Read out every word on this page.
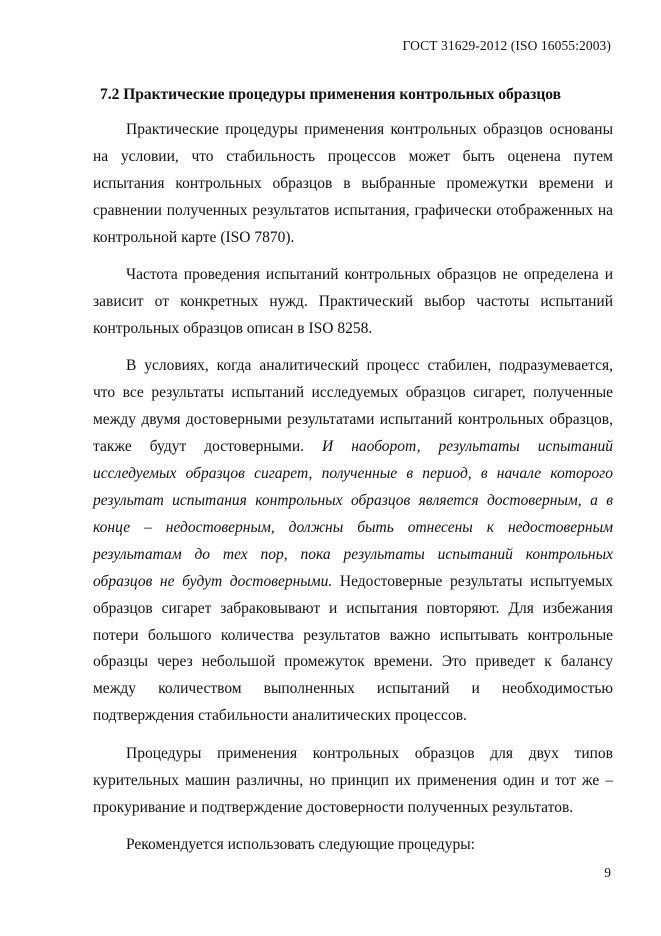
ГОСТ 31629-2012 (ISO 16055:2003)
7.2 Практические процедуры применения контрольных образцов
Практические процедуры применения контрольных образцов основаны
на условии, что стабильность процессов может быть оценена путем
испытания контрольных образцов в выбранные промежутки времени и
сравнении полученных результатов испытания, графически отображенных на
контрольной карте (ISO 7870).
Частота проведения испытаний контрольных образцов не определена и
зависит от конкретных нужд. Практический выбор частоты испытаний
контрольных образцов описан в ISO 8258.
В условиях, когда аналитический процесс стабилен, подразумевается,
что все результаты испытаний исследуемых образцов сигарет, полученные
между двумя достоверными результатами испытаний контрольных образцов,
также будут достоверными. И наоборот, результаты испытаний
исследуемых образцов сигарет, полученные в период, в начале которого
результат испытания контрольных образцов является достоверным, а в
конце – недостоверным, должны быть отнесены к недостоверным
результатам до тех пор, пока результаты испытаний контрольных
образцов не будут достоверными. Недостоверные результаты испытуемых
образцов сигарет забраковывают и испытания повторяют. Для избежания
потери большого количества результатов важно испытывать контрольные
образцы через небольшой промежуток времени. Это приведет к балансу
между количеством выполненных испытаний и необходимостью
подтверждения стабильности аналитических процессов.
Процедуры применения контрольных образцов для двух типов
курительных машин различны, но принцип их применения один и тот же –
прокуривание и подтверждение достоверности полученных результатов.
Рекомендуется использовать следующие процедуры:
9
